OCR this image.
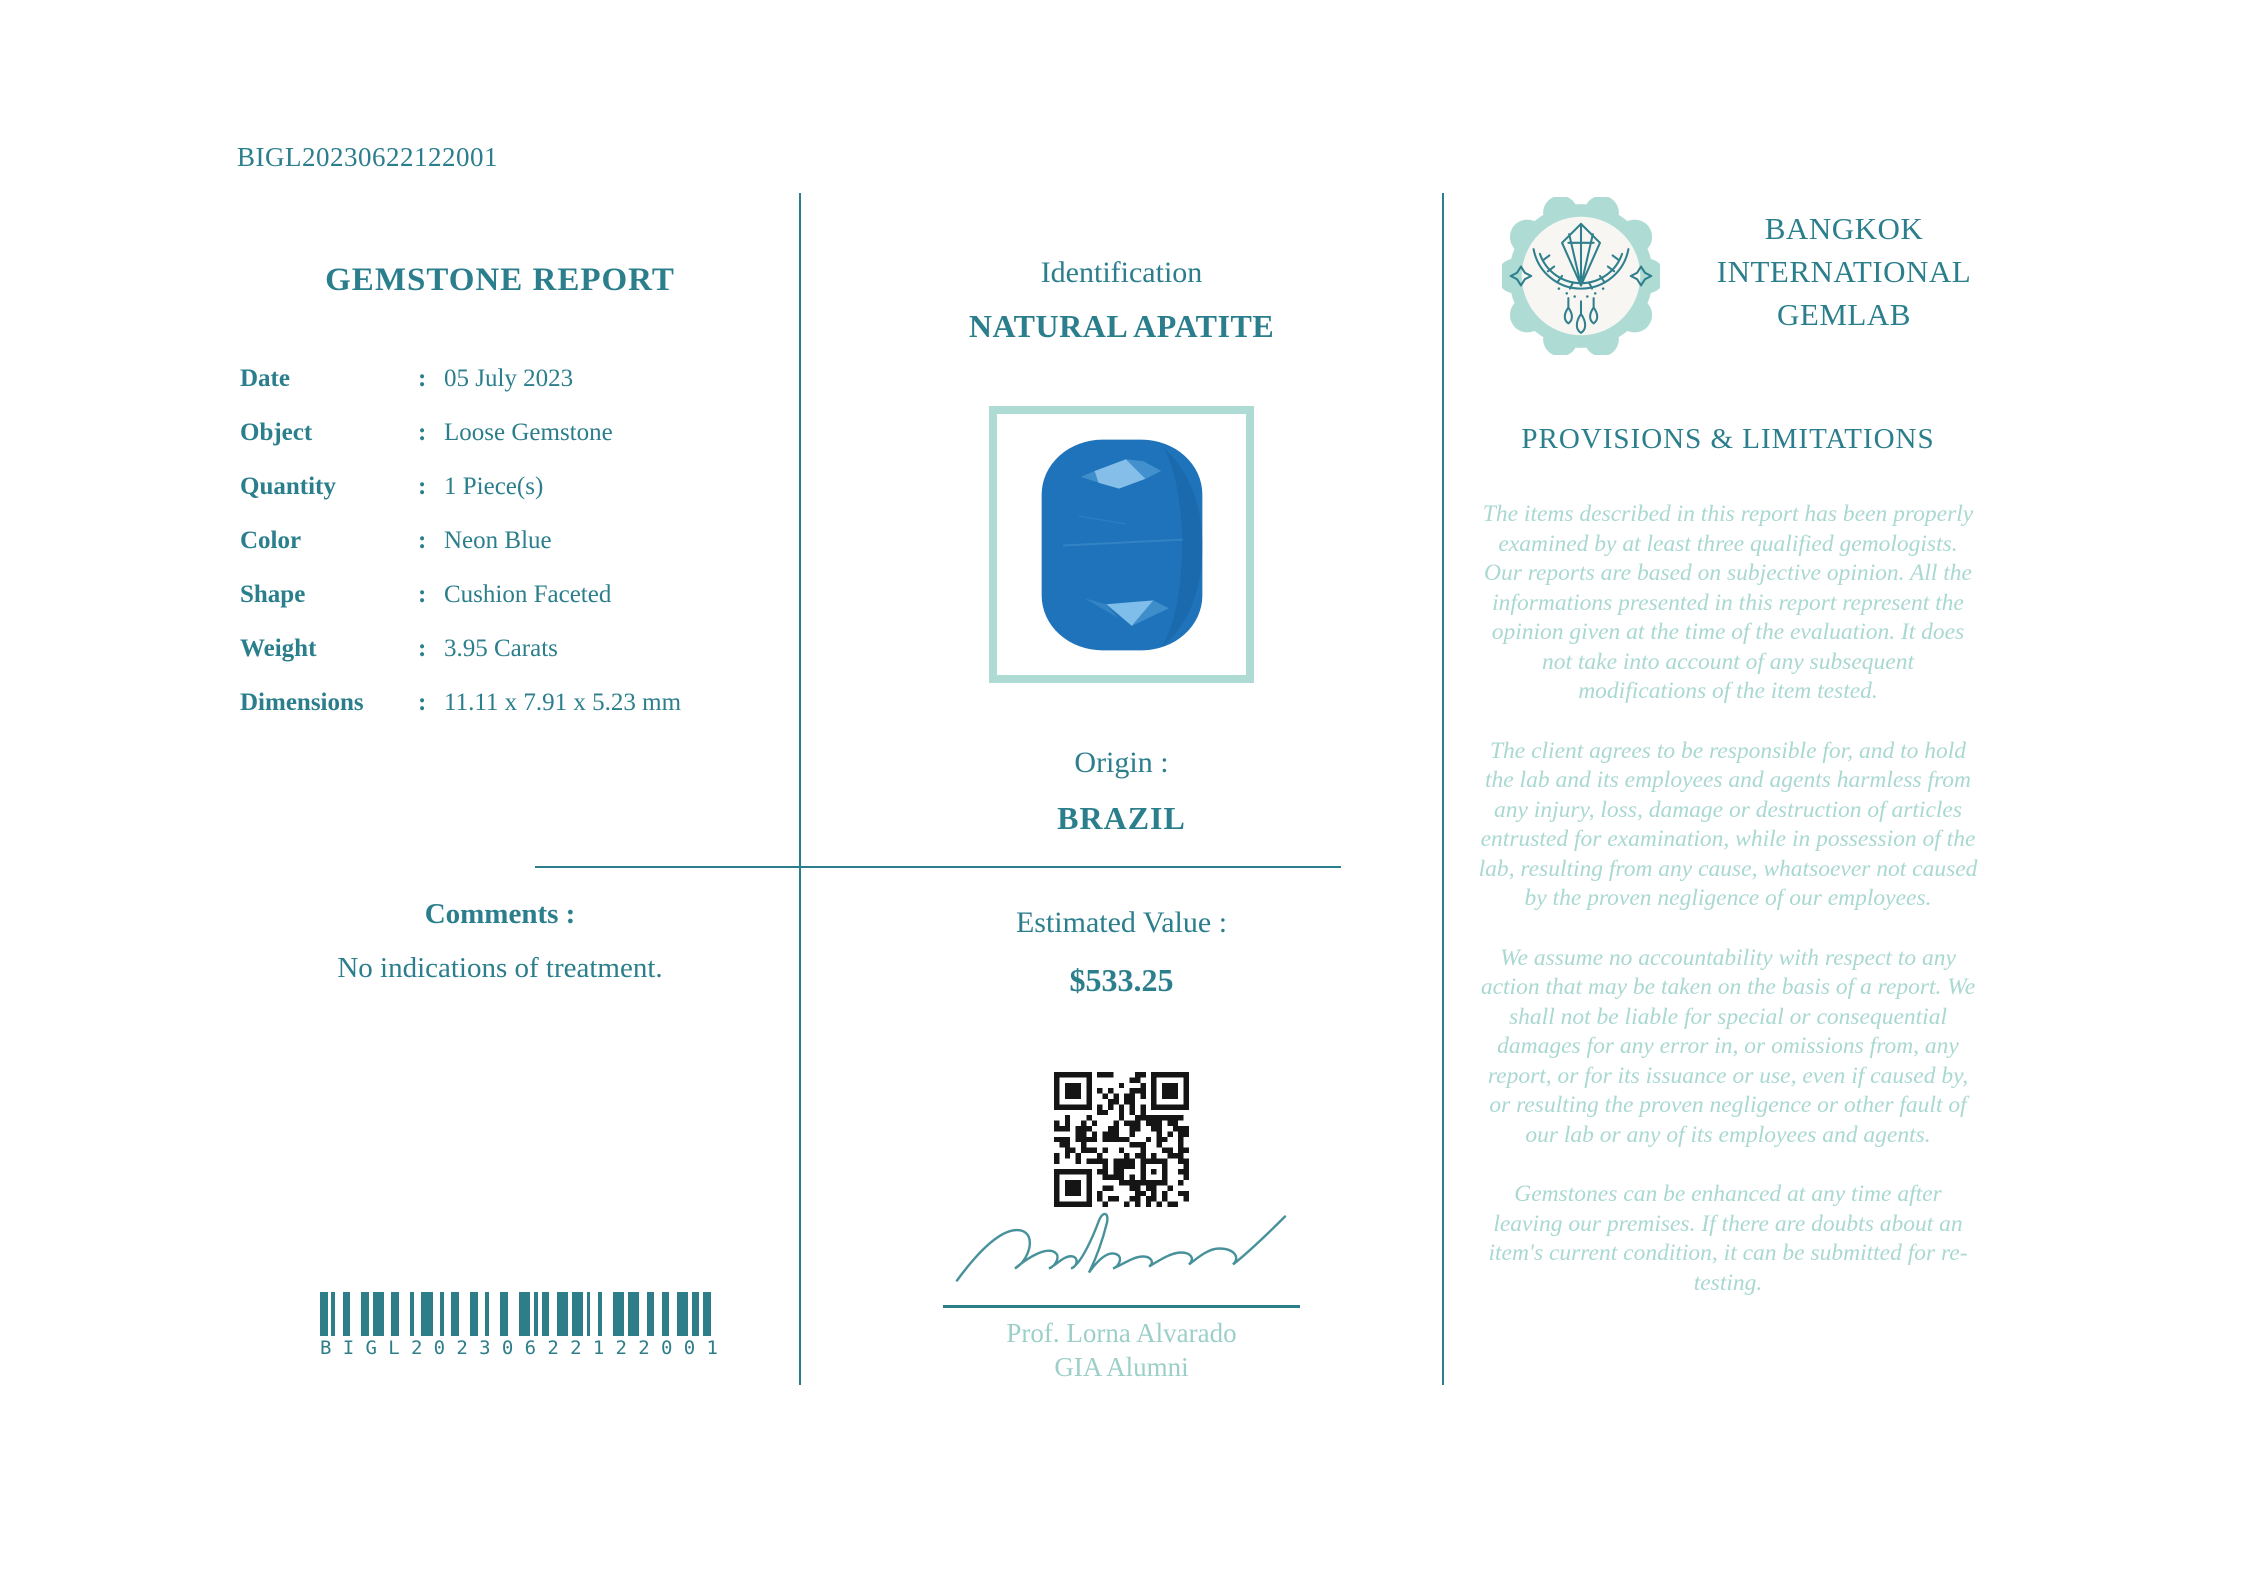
BIGL20230622122001
GEMSTONE REPORT
Date	: 05 July 2023
Object	: Loose Gemstone
Quantity	: 1 Piece(s)
Color	: Neon Blue
Shape	: Cushion Faceted
Weight	: 3.95 Carats
Dimensions	: 11.11 x 7.91 x 5.23 mm
Comments :
No indications of treatment.
B I G L 2 0 2 3 0 6 2 2 1 2 2 0 0 1
Identification
NATURAL APATITE
Origin :
BRAZIL
Estimated Value :
$533.25
Prof. Lorna Alvarado
GIA Alumni
BANGKOK
INTERNATIONAL
GEMLAB
PROVISIONS & LIMITATIONS

The items described in this report has been properly examined by at least three qualified gemologists. Our reports are based on subjective opinion. All the informations presented in this report represent the opinion given at the time of the evaluation. It does not take into account of any subsequent modifications of the item tested.

The client agrees to be responsible for, and to hold the lab and its employees and agents harmless from any injury, loss, damage or destruction of articles entrusted for examination, while in possession of the lab, resulting from any cause, whatsoever not caused by the proven negligence of our employees.

We assume no accountability with respect to any action that may be taken on the basis of a report. We shall not be liable for special or consequential damages for any error in, or omissions from, any report, or for its issuance or use, even if caused by, or resulting the proven negligence or other fault of our lab or any of its employees and agents.

Gemstones can be enhanced at any time after leaving our premises. If there are doubts about an item's current condition, it can be submitted for re-testing.
